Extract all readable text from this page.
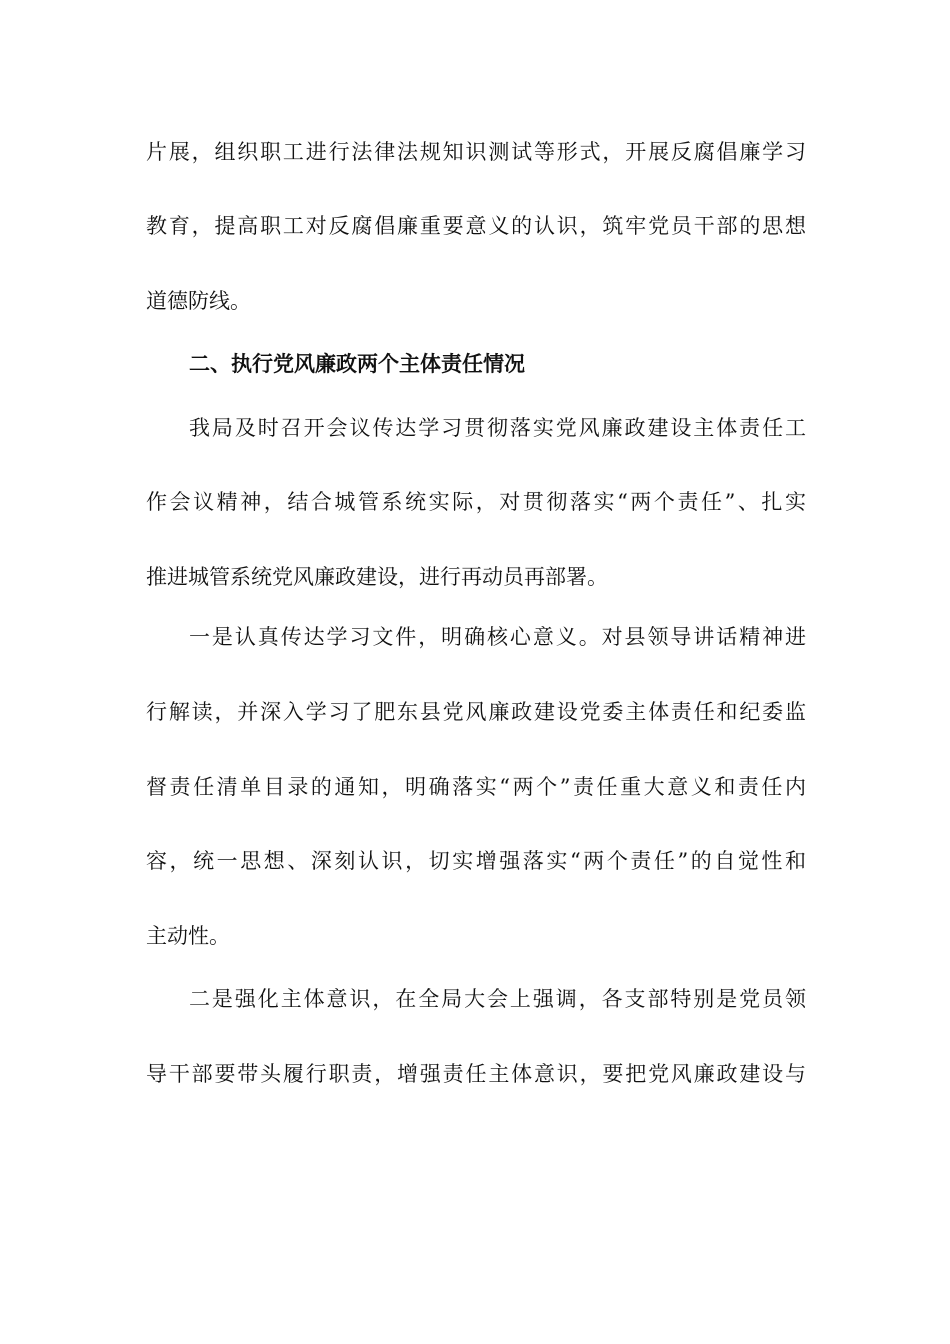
片展，组织职工进行法律法规知识测试等形式，开展反腐倡廉学习
教育，提高职工对反腐倡廉重要意义的认识，筑牢党员干部的思想
道德防线。
二、执行党风廉政两个主体责任情况
我局及时召开会议传达学习贯彻落实党风廉政建设主体责任工
作会议精神，结合城管系统实际，对贯彻落实“两个责任”、扎实
推进城管系统党风廉政建设，进行再动员再部署。
一是认真传达学习文件，明确核心意义。对县领导讲话精神进
行解读，并深入学习了肥东县党风廉政建设党委主体责任和纪委监
督责任清单目录的通知，明确落实“两个”责任重大意义和责任内
容，统一思想、深刻认识，切实增强落实“两个责任”的自觉性和
主动性。
二是强化主体意识，在全局大会上强调，各支部特别是党员领
导干部要带头履行职责，增强责任主体意识，要把党风廉政建设与
